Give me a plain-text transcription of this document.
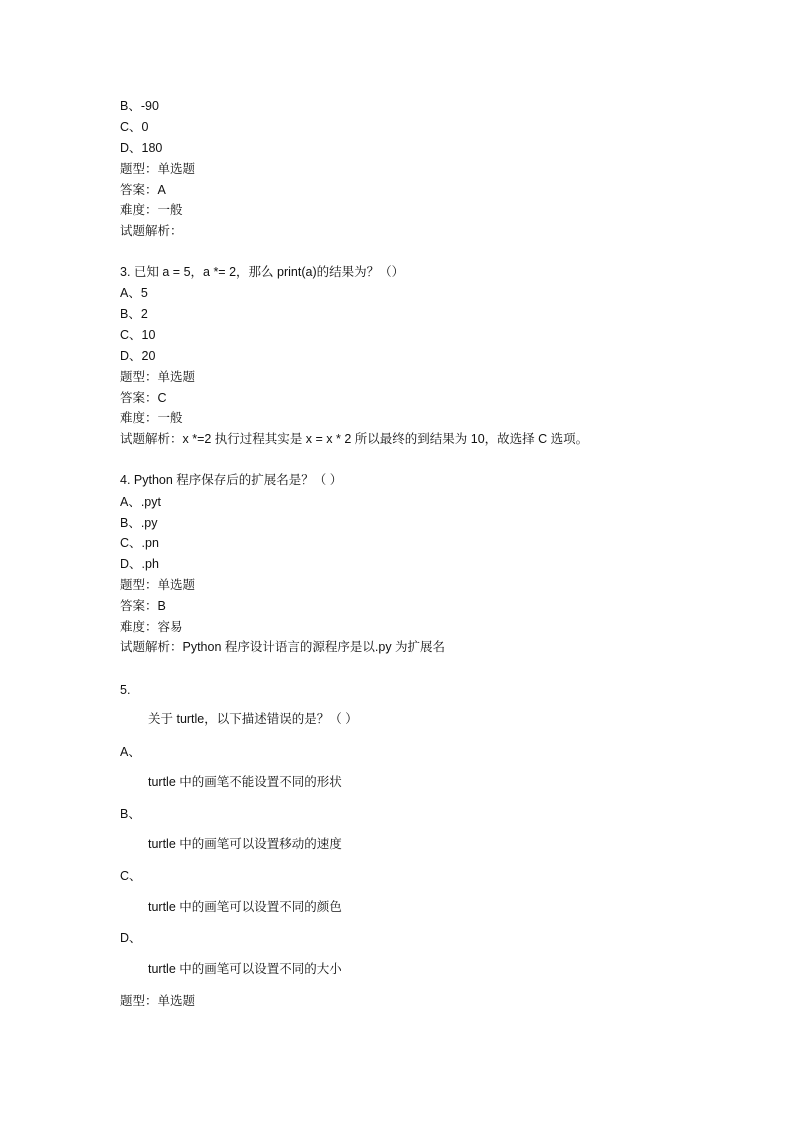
B、-90
C、0
D、180
题型：单选题
答案：A
难度：一般
试题解析：
3. 已知 a = 5，a *= 2，那么 print(a)的结果为？（）
A、5
B、2
C、10
D、20
题型：单选题
答案：C
难度：一般
试题解析：x *=2 执行过程其实是 x = x * 2 所以最终的到结果为 10，故选择 C 选项。
4. Python 程序保存后的扩展名是？（ ）
A、.pyt
B、.py
C、.pn
D、.ph
题型：单选题
答案：B
难度：容易
试题解析：Python 程序设计语言的源程序是以.py 为扩展名
5.
关于 turtle，以下描述错误的是？（ ）
A、
turtle 中的画笔不能设置不同的形状
B、
turtle 中的画笔可以设置移动的速度
C、
turtle 中的画笔可以设置不同的颜色
D、
turtle 中的画笔可以设置不同的大小
题型：单选题
